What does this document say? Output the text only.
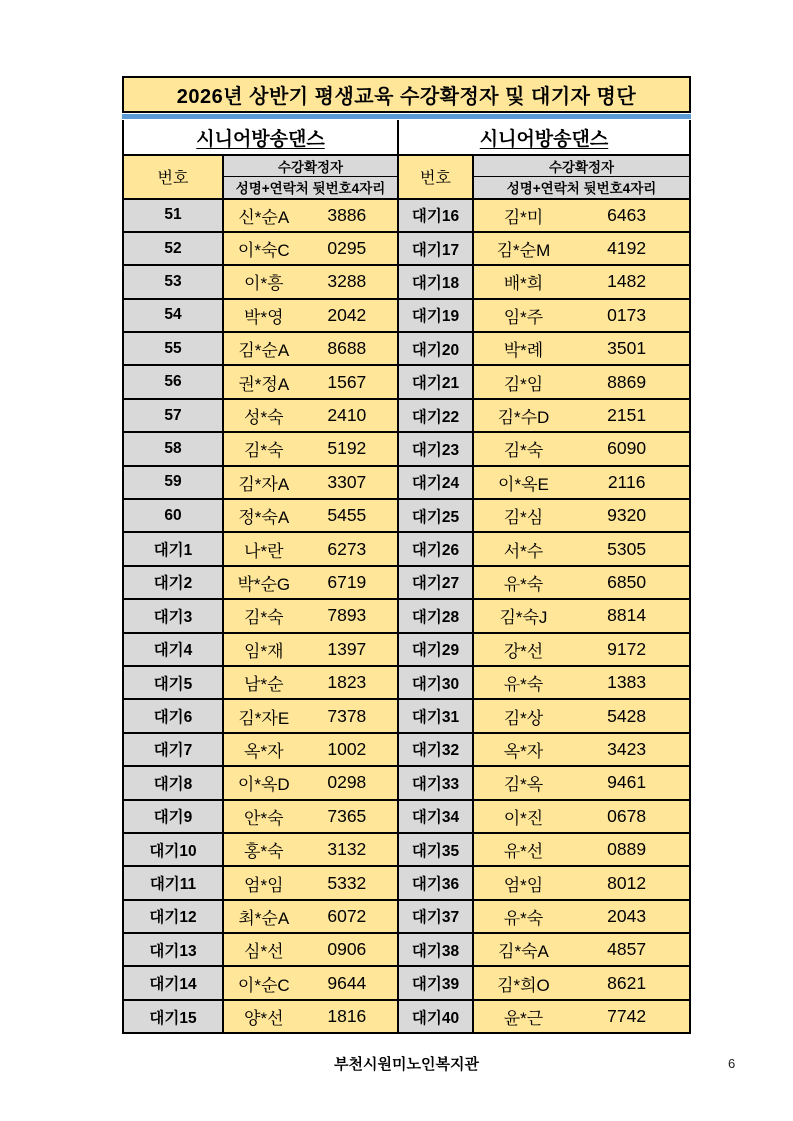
2026년 상반기 평생교육 수강확정자 및 대기자 명단
시니어방송댄스
번호
수강확정자
성명+연락처 뒷번호4자리
51	신*순A	3886
52	이*숙C	0295
53	이*흥	3288
54	박*영	2042
55	김*순A	8688
56	권*정A	1567
57	성*숙	2410
58	김*숙	5192
59	김*자A	3307
60	정*숙A	5455
대기1	나*란	6273
대기2	박*순G	6719
대기3	김*숙	7893
대기4	임*재	1397
대기5	남*순	1823
대기6	김*자E	7378
대기7	옥*자	1002
대기8	이*옥D	0298
대기9	안*숙	7365
대기10	홍*숙	3132
대기11	엄*임	5332
대기12	최*순A	6072
대기13	심*선	0906
대기14	이*순C	9644
대기15	양*선	1816
시니어방송댄스
번호
수강확정자
성명+연락처 뒷번호4자리
대기16	김*미	6463
대기17	김*순M	4192
대기18	배*희	1482
대기19	임*주	0173
대기20	박*례	3501
대기21	김*임	8869
대기22	김*수D	2151
대기23	김*숙	6090
대기24	이*옥E	2116
대기25	김*심	9320
대기26	서*수	5305
대기27	유*숙	6850
대기28	김*숙J	8814
대기29	강*선	9172
대기30	유*숙	1383
대기31	김*상	5428
대기32	옥*자	3423
대기33	김*옥	9461
대기34	이*진	0678
대기35	유*선	0889
대기36	엄*임	8012
대기37	유*숙	2043
대기38	김*숙A	4857
대기39	김*희O	8621
대기40	윤*근	7742
부천시원미노인복지관	6
